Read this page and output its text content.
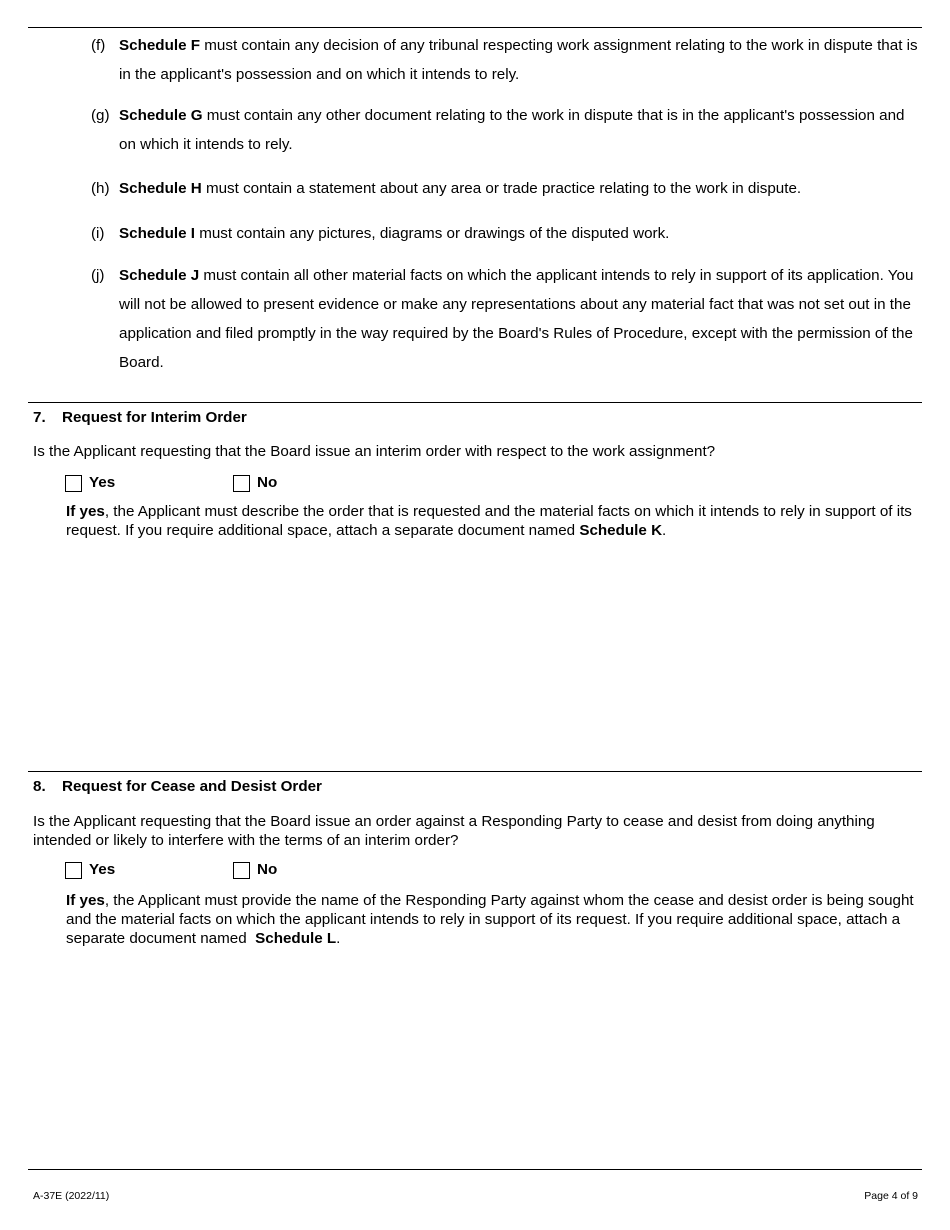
(f) Schedule F must contain any decision of any tribunal respecting work assignment relating to the work in dispute that is in the applicant's possession and on which it intends to rely.
(g) Schedule G must contain any other document relating to the work in dispute that is in the applicant's possession and on which it intends to rely.
(h) Schedule H must contain a statement about any area or trade practice relating to the work in dispute.
(i) Schedule I must contain any pictures, diagrams or drawings of the disputed work.
(j) Schedule J must contain all other material facts on which the applicant intends to rely in support of its application. You will not be allowed to present evidence or make any representations about any material fact that was not set out in the application and filed promptly in the way required by the Board's Rules of Procedure, except with the permission of the Board.
7. Request for Interim Order
Is the Applicant requesting that the Board issue an interim order with respect to the work assignment?
Yes	No
If yes, the Applicant must describe the order that is requested and the material facts on which it intends to rely in support of its request. If you require additional space, attach a separate document named Schedule K.
8. Request for Cease and Desist Order
Is the Applicant requesting that the Board issue an order against a Responding Party to cease and desist from doing anything intended or likely to interfere with the terms of an interim order?
Yes	No
If yes, the Applicant must provide the name of the Responding Party against whom the cease and desist order is being sought and the material facts on which the applicant intends to rely in support of its request. If you require additional space, attach a separate document named  Schedule L.
A-37E (2022/11)	Page 4 of 9
